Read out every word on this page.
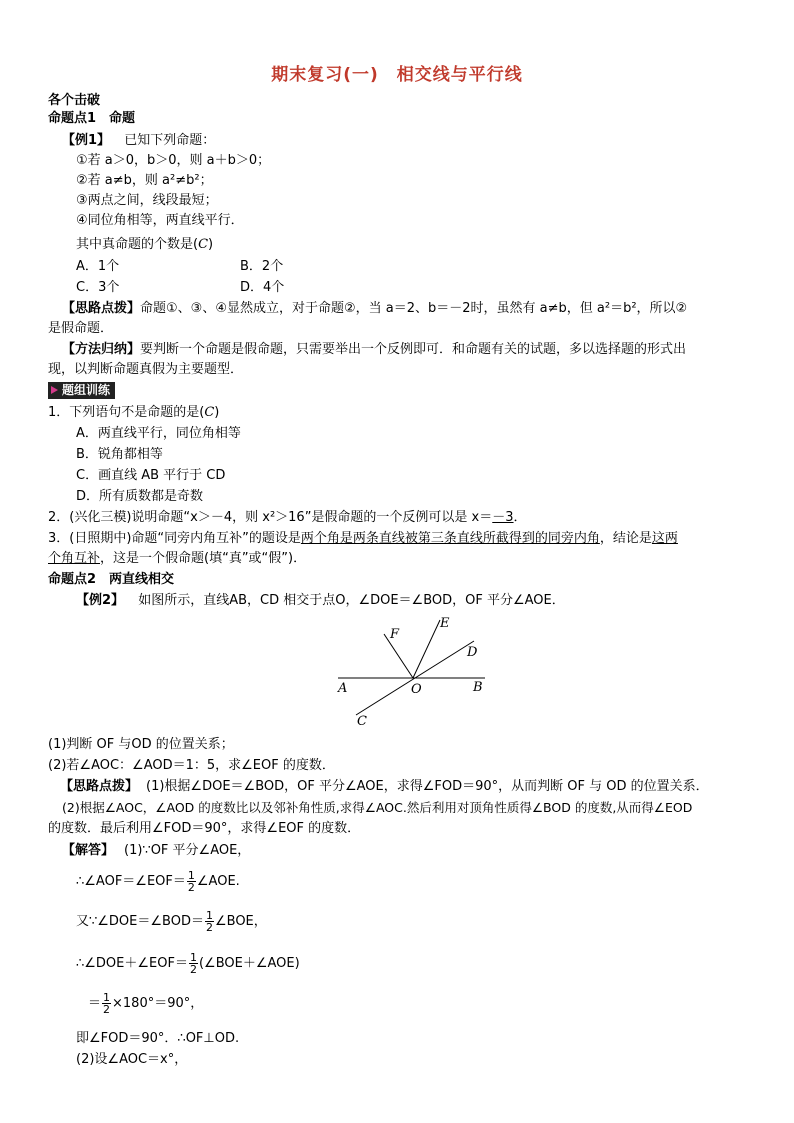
期末复习(一)　相交线与平行线
各个击破
命题点1　命题
【例1】 已知下列命题：
①若 a＞0，b＞0，则 a＋b＞0；
②若 a≠b，则 a²≠b²；
③两点之间，线段最短；
④同位角相等，两直线平行．
其中真命题的个数是(C)
A．1个	B．2个
C．3个	D．4个
【思路点拨】命题①、③、④显然成立，对于命题②，当 a＝2、b＝－2时，虽然有 a≠b，但 a²＝b²，所以②
是假命题．
【方法归纳】要判断一个命题是假命题，只需要举出一个反例即可．和命题有关的试题，多以选择题的形式出
现，以判断命题真假为主要题型．
题组训练
1．下列语句不是命题的是(C)
A．两直线平行，同位角相等
B．锐角都相等
C．画直线 AB 平行于 CD
D．所有质数都是奇数
2．(兴化三模)说明命题“x＞－4，则 x²＞16”是假命题的一个反例可以是 x＝－3．
3．(日照期中)命题“同旁内角互补”的题设是两个角是两条直线被第三条直线所截得到的同旁内角，结论是这两
个角互补，这是一个假命题(填“真”或“假”)．
命题点2　两直线相交
【例2】 如图所示，直线AB，CD 相交于点O，∠DOE＝∠BOD，OF 平分∠AOE．
A	B
C
D
E
F
O
(1)判断 OF 与OD 的位置关系；
(2)若∠AOC：∠AOD＝1：5，求∠EOF 的度数．
【思路点拨】 (1)根据∠DOE＝∠BOD，OF 平分∠AOE，求得∠FOD＝90°，从而判断 OF 与 OD 的位置关系．
(2)根据∠AOC，∠AOD 的度数比以及邻补角性质,求得∠AOC.然后利用对顶角性质得∠BOD 的度数,从而得∠EOD
的度数．最后利用∠FOD＝90°，求得∠EOF 的度数．
【解答】 (1)∵OF 平分∠AOE，
∴∠AOF＝∠EOF＝ $\frac{1}{2}$ ∠AOE.
又∵∠DOE＝∠BOD＝ $\frac{1}{2}$ ∠BOE，
∴∠DOE＋∠EOF＝ $\frac{1}{2}$ (∠BOE＋∠AOE)
＝ $\frac{1}{2} \times 180^\circ=90^\circ$，
即∠FOD＝90°．∴OF⊥OD.
(2)设∠AOC＝x°，
